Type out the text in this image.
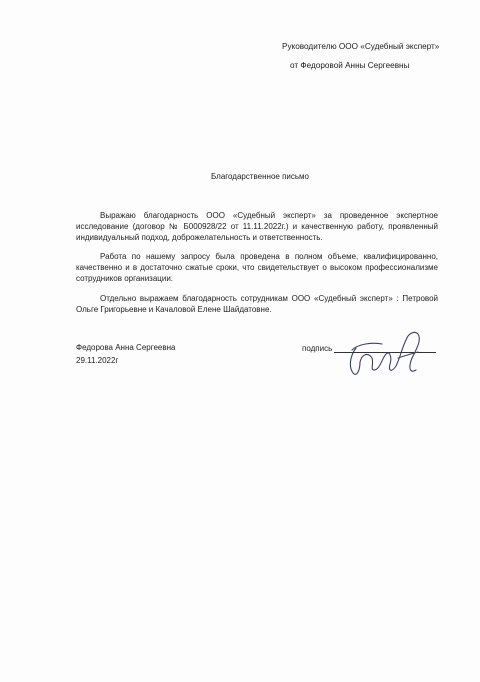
Руководителю ООО «Судебный эксперт»
от Федоровой Анны Сергеевны
Благодарственное письмо

Выражаю благодарность ООО «Судебный эксперт» за проведенное экспертное исследование (договор № Б000928/22 от 11.11.2022г.) и качественную работу, проявленный индивидуальный подход, доброжелательность и ответственность.

Работа по нашему запросу была проведена в полном объеме, квалифицированно, качественно и в достаточно сжатые сроки, что свидетельствует о высоком профессионализме сотрудников организации.

Отдельно выражаем благодарность сотрудникам ООО «Судебный эксперт» : Петровой Ольге Григорьевне и Качаловой Елене Шайдатовне.

Федорова Анна Сергеевна
29.11.2022г
подпись
